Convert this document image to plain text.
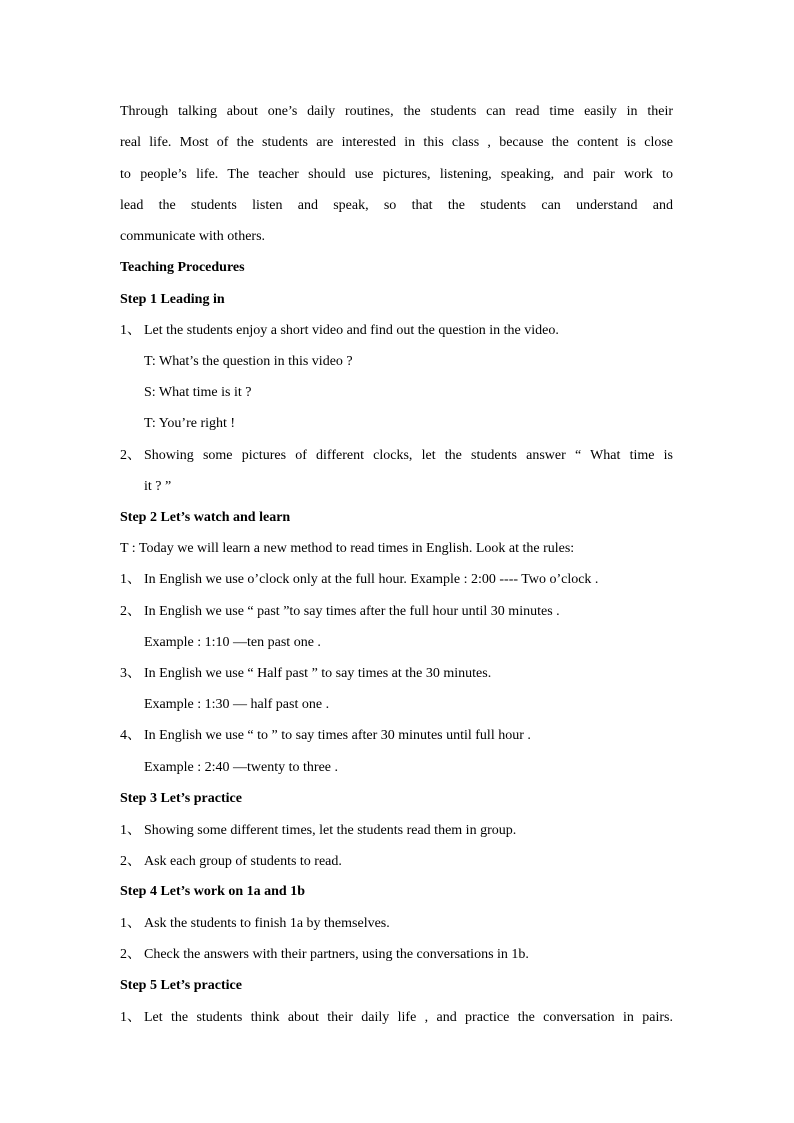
Through talking about one’s daily routines, the students can read time easily in their
real life. Most of the students are interested in this class , because the content is close
to people’s life. The teacher should use pictures, listening, speaking, and pair work to
lead the students listen and speak, so that the students can understand and
communicate with others.
Teaching Procedures
Step 1 Leading in
1、 Let the students enjoy a short video and find out the question in the video.
T: What’s the question in this video ?
S: What time is it ?
T: You’re right !
2、 Showing some pictures of different clocks, let the students answer “ What time is
it ? ”
Step 2 Let’s watch and learn
T : Today we will learn a new method to read times in English. Look at the rules:
1、 In English we use o’clock only at the full hour. Example : 2:00 ---- Two o’clock .
2、 In English we use “ past ”to say times after the full hour until 30 minutes .
Example : 1:10 —ten past one .
3、 In English we use “ Half past ” to say times at the 30 minutes.
Example : 1:30 — half past one .
4、 In English we use “ to ” to say times after 30 minutes until full hour .
Example : 2:40 —twenty to three .
Step 3 Let’s practice
1、 Showing some different times, let the students read them in group.
2、 Ask each group of students to read.
Step 4 Let’s work on 1a and 1b
1、 Ask the students to finish 1a by themselves.
2、 Check the answers with their partners, using the conversations in 1b.
Step 5 Let’s practice
1、 Let the students think about their daily life , and practice the conversation in pairs.
